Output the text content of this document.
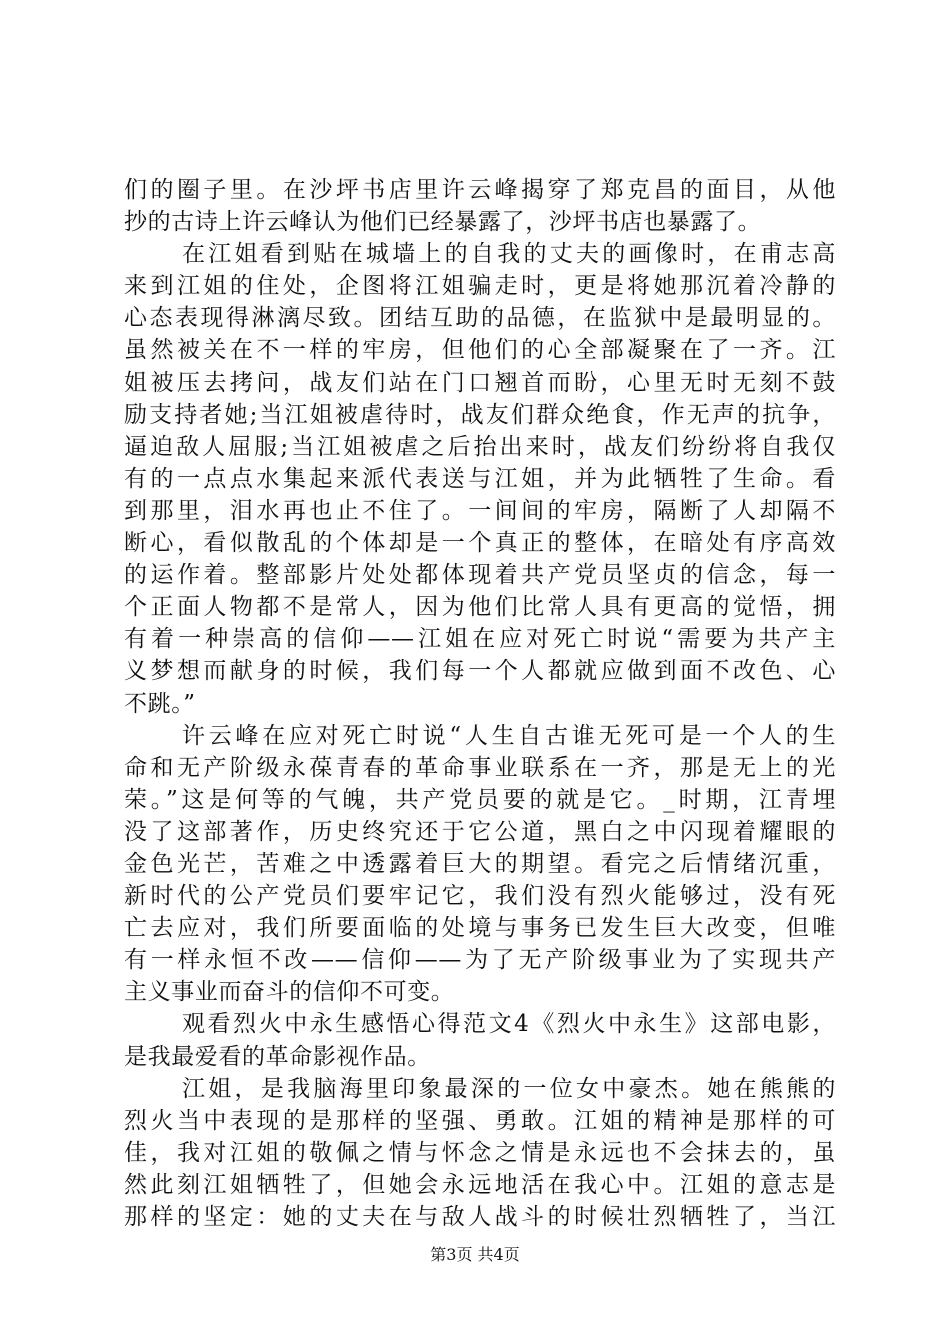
们的圈子里。在沙坪书店里许云峰揭穿了郑克昌的面目，从他
抄的古诗上许云峰认为他们已经暴露了，沙坪书店也暴露了。
在江姐看到贴在城墙上的自我的丈夫的画像时，在甫志高
来到江姐的住处，企图将江姐骗走时，更是将她那沉着冷静的
心态表现得淋漓尽致。团结互助的品德，在监狱中是最明显的。
虽然被关在不一样的牢房，但他们的心全部凝聚在了一齐。江
姐被压去拷问，战友们站在门口翘首而盼，心里无时无刻不鼓
励支持者她;当江姐被虐待时，战友们群众绝食，作无声的抗争，
逼迫敌人屈服;当江姐被虐之后抬出来时，战友们纷纷将自我仅
有的一点点水集起来派代表送与江姐，并为此牺牲了生命。看
到那里，泪水再也止不住了。一间间的牢房，隔断了人却隔不
断心，看似散乱的个体却是一个真正的整体，在暗处有序高效
的运作着。整部影片处处都体现着共产党员坚贞的信念，每一
个正面人物都不是常人，因为他们比常人具有更高的觉悟，拥
有着一种崇高的信仰——江姐在应对死亡时说“需要为共产主
义梦想而献身的时候，我们每一个人都就应做到面不改色、心
不跳。”
许云峰在应对死亡时说“人生自古谁无死可是一个人的生
命和无产阶级永葆青春的革命事业联系在一齐，那是无上的光
荣。”这是何等的气魄，共产党员要的就是它。_时期，江青埋
没了这部著作，历史终究还于它公道，黑白之中闪现着耀眼的
金色光芒，苦难之中透露着巨大的期望。看完之后情绪沉重，
新时代的公产党员们要牢记它，我们没有烈火能够过，没有死
亡去应对，我们所要面临的处境与事务已发生巨大改变，但唯
有一样永恒不改——信仰——为了无产阶级事业为了实现共产
主义事业而奋斗的信仰不可变。
观看烈火中永生感悟心得范文4《烈火中永生》这部电影，
是我最爱看的革命影视作品。
江姐，是我脑海里印象最深的一位女中豪杰。她在熊熊的
烈火当中表现的是那样的坚强、勇敢。江姐的精神是那样的可
佳，我对江姐的敬佩之情与怀念之情是永远也不会抹去的，虽
然此刻江姐牺牲了，但她会永远地活在我心中。江姐的意志是
那样的坚定：她的丈夫在与敌人战斗的时候壮烈牺牲了，当江
第3页 共4页
